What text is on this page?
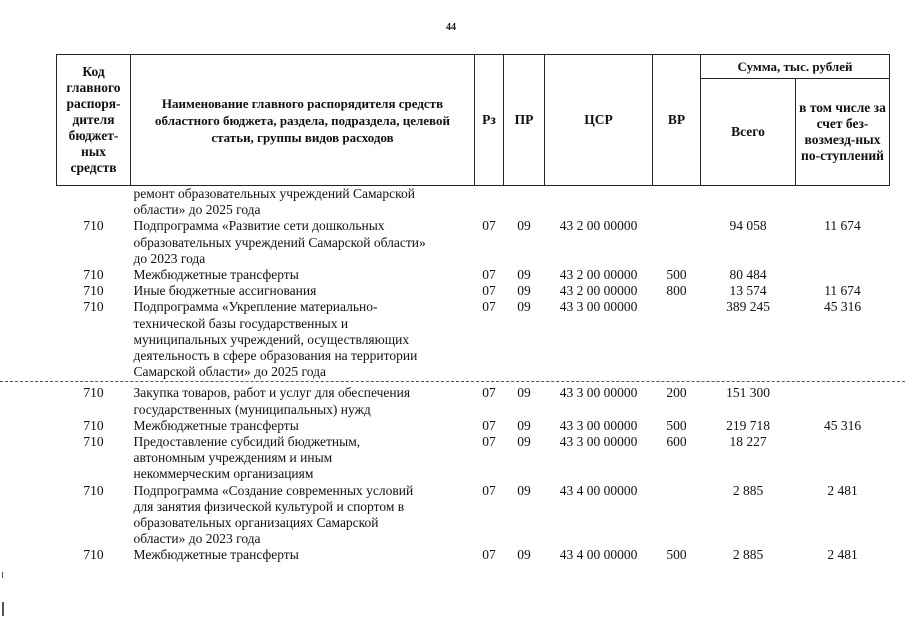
44
Код главного распоря-дителя бюджет-ных средств	Наименование главного распорядителя средств областного бюджета, раздела, подраздела, целевой статьи, группы видов расходов	Рз	ПР	ЦСР	ВР	Сумма, тыс. рублей	
						Всего	в том числе за счет без-возмезд-ных по-ступлений

	ремонт образовательных учреждений Самарской
области» до 2025 года						

710	Подпрограмма «Развитие сети дошкольных
образовательных учреждений Самарской области»
до 2023 года	07	09	43 2 00 00000		94 058	11 674
710	Межбюджетные трансферты	07	09	43 2 00 00000	500	80 484	
710	Иные бюджетные ассигнования	07	09	43 2 00 00000	800	13 574	11 674
710	Подпрограмма «Укрепление материально-
технической базы государственных и
муниципальных учреждений, осуществляющих
деятельность в сфере образования на территории
Самарской области» до 2025 года	07	09	43 3 00 00000		389 245	45 316
710	Закупка товаров, работ и услуг для обеспечения
государственных (муниципальных) нужд	07	09	43 3 00 00000	200	151 300	
710	Межбюджетные трансферты	07	09	43 3 00 00000	500	219 718	45 316
710	Предоставление субсидий бюджетным,
автономным учреждениям и иным
некоммерческим организациям	07	09	43 3 00 00000	600	18 227	
710	Подпрограмма «Создание современных условий
для занятия физической культурой и спортом в
образовательных организациях Самарской
области» до 2023 года	07	09	43 4 00 00000		2 885	2 481
710	Межбюджетные трансферты	07	09	43 4 00 00000	500	2 885	2 481
